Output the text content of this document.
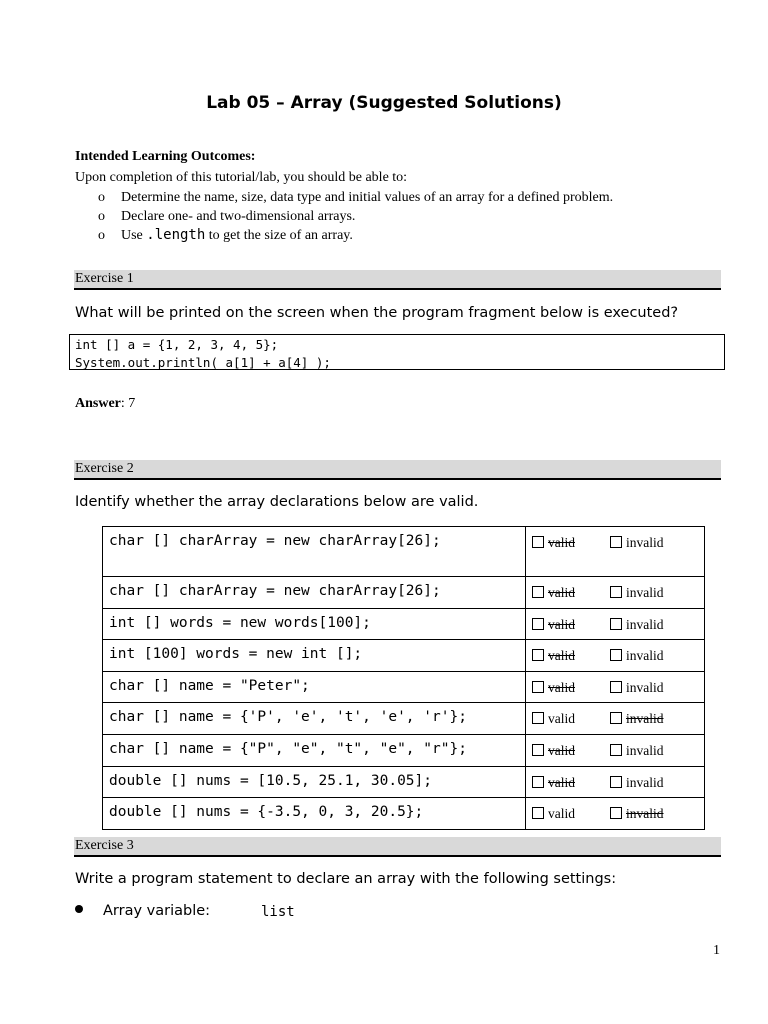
Lab 05 – Array (Suggested Solutions)
Intended Learning Outcomes:
Upon completion of this tutorial/lab, you should be able to:
o Determine the name, size, data type and initial values of an array for a defined problem.
o Declare one- and two-dimensional arrays.
o Use .length to get the size of an array.
Exercise 1
What will be printed on the screen when the program fragment below is executed?
int [] a = {1, 2, 3, 4, 5};
System.out.println( a[1] + a[4] );
Answer: 7
Exercise 2
Identify whether the array declarations below are valid.
char [] charArray = new charArray[26];	valid invalid
char [] charArray = new charArray[26];	valid invalid
int [] words = new words[100];	valid invalid
int [100] words = new int [];	valid invalid
char [] name = "Peter";	valid invalid
char [] name = {'P', 'e', 't', 'e', 'r'};	valid invalid
char [] name = {"P", "e", "t", "e", "r"};	valid invalid
double [] nums = [10.5, 25.1, 30.05];	valid invalid
double [] nums = {-3.5, 0, 3, 20.5};	valid invalid
Exercise 3
Write a program statement to declare an array with the following settings:
Array variable:	list
1
